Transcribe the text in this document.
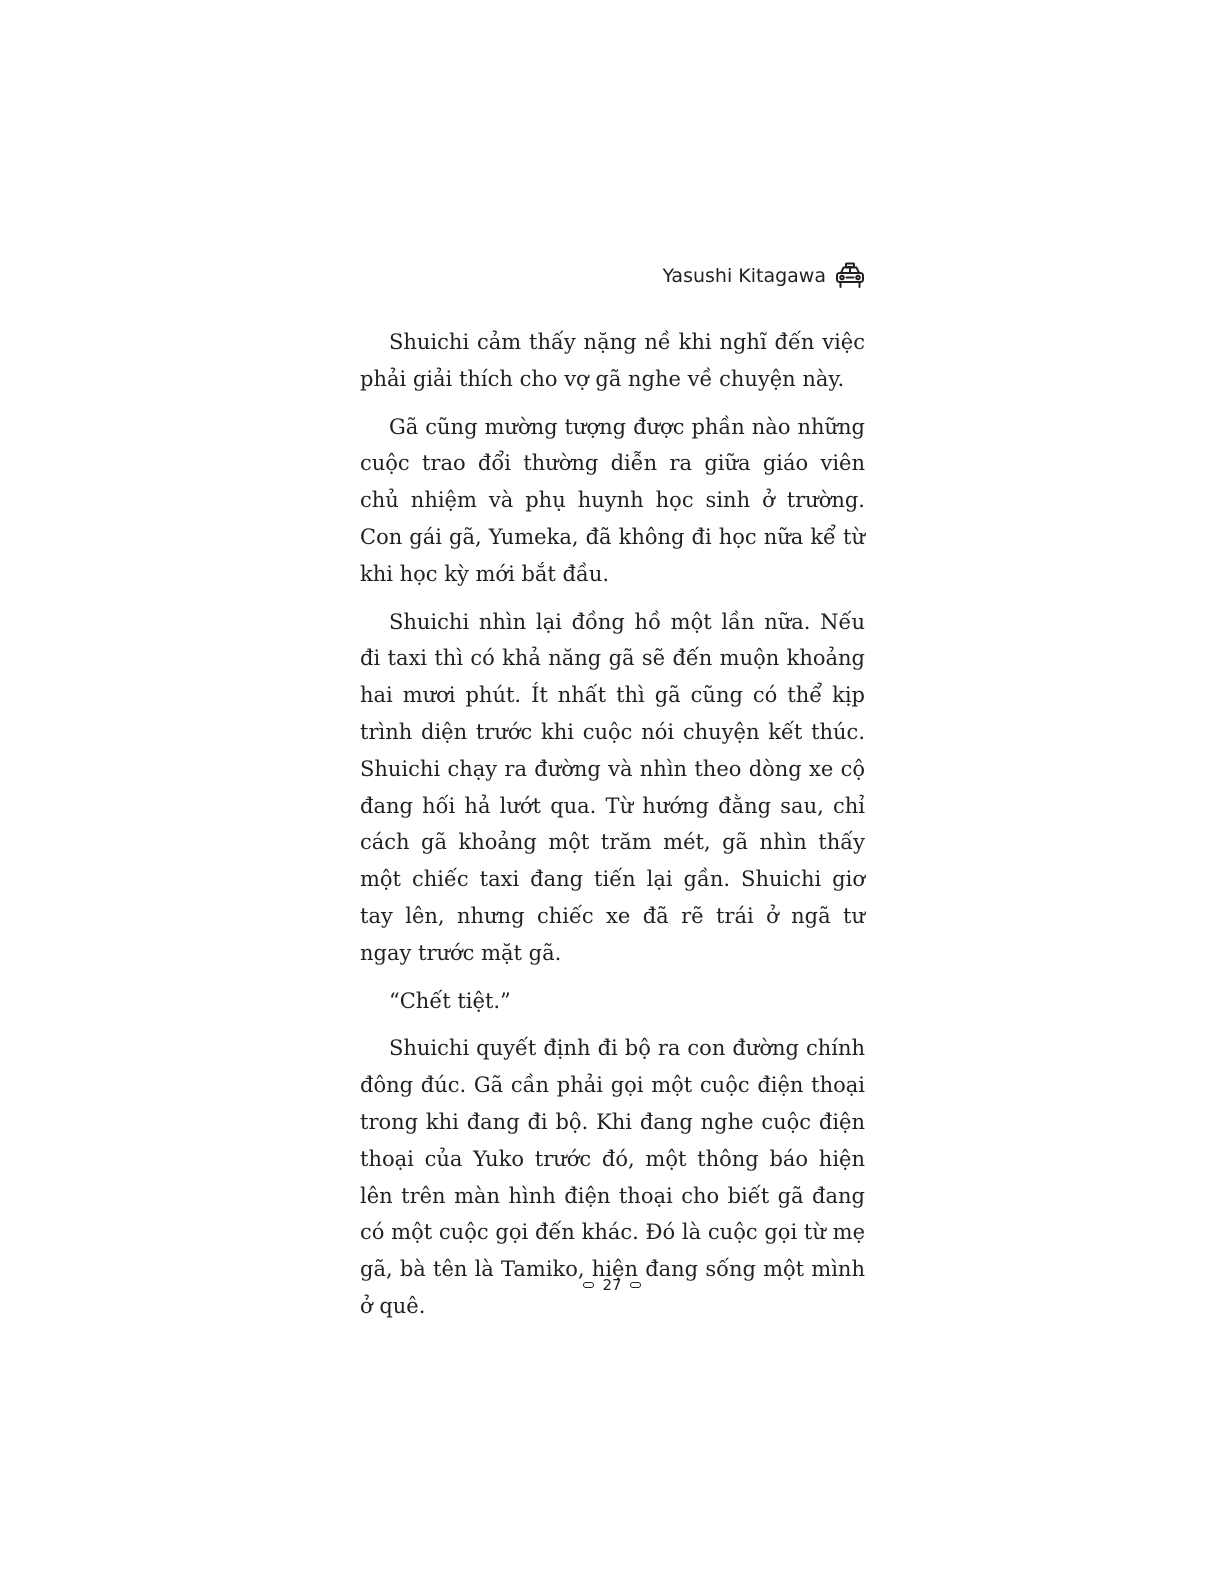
Yasushi Kitagawa

Shuichi cảm thấy nặng nề khi nghĩ đến việc phải giải thích cho vợ gã nghe về chuyện này.

Gã cũng mường tượng được phần nào những cuộc trao đổi thường diễn ra giữa giáo viên chủ nhiệm và phụ huynh học sinh ở trường. Con gái gã, Yumeka, đã không đi học nữa kể từ khi học kỳ mới bắt đầu.

Shuichi nhìn lại đồng hồ một lần nữa. Nếu đi taxi thì có khả năng gã sẽ đến muộn khoảng hai mươi phút. Ít nhất thì gã cũng có thể kịp trình diện trước khi cuộc nói chuyện kết thúc. Shuichi chạy ra đường và nhìn theo dòng xe cộ đang hối hả lướt qua. Từ hướng đằng sau, chỉ cách gã khoảng một trăm mét, gã nhìn thấy một chiếc taxi đang tiến lại gần. Shuichi giơ tay lên, nhưng chiếc xe đã rẽ trái ở ngã tư ngay trước mặt gã.

“Chết tiệt.”

Shuichi quyết định đi bộ ra con đường chính đông đúc. Gã cần phải gọi một cuộc điện thoại trong khi đang đi bộ. Khi đang nghe cuộc điện thoại của Yuko trước đó, một thông báo hiện lên trên màn hình điện thoại cho biết gã đang có một cuộc gọi đến khác. Đó là cuộc gọi từ mẹ gã, bà tên là Tamiko, hiện đang sống một mình ở quê.

27
